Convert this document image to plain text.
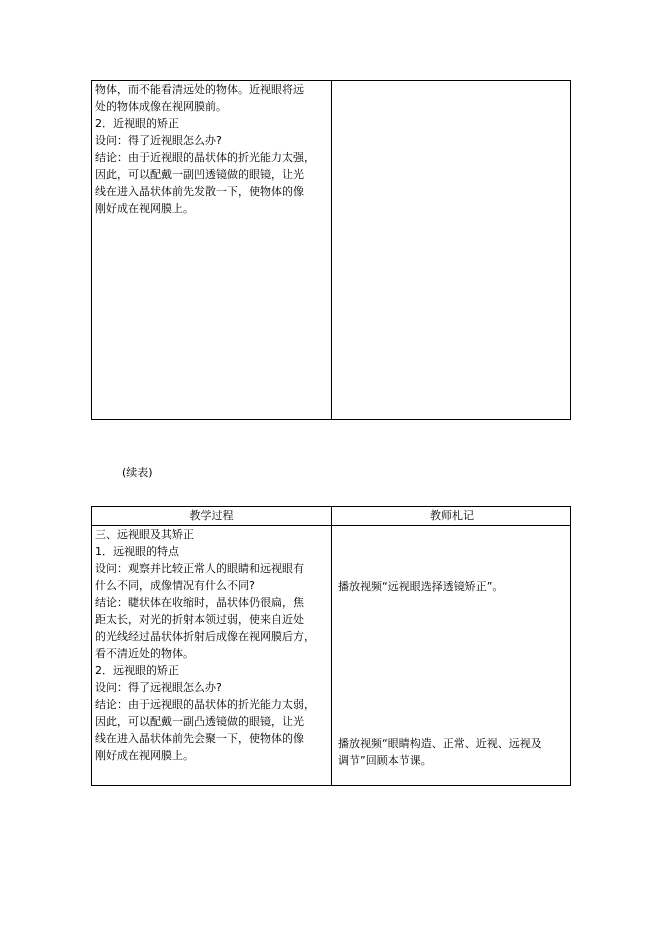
物体，而不能看清远处的物体。近视眼将远
处的物体成像在视网膜前。
2．近视眼的矫正
设问：得了近视眼怎么办?
结论：由于近视眼的晶状体的折光能力太强，
因此，可以配戴一副凹透镜做的眼镜，让光
线在进入晶状体前先发散一下，使物体的像
刚好成在视网膜上。
(续表)
教学过程	教师札记
三、远视眼及其矫正
1．远视眼的特点
设问：观察并比较正常人的眼睛和远视眼有
什么不同，成像情况有什么不同?
结论：睫状体在收缩时，晶状体仍很扁，焦
距太长，对光的折射本领过弱，使来自近处
的光线经过晶状体折射后成像在视网膜后方，
看不清近处的物体。
2．远视眼的矫正
设问：得了远视眼怎么办?
结论：由于远视眼的晶状体的折光能力太弱，
因此，可以配戴一副凸透镜做的眼镜，让光
线在进入晶状体前先会聚一下，使物体的像
刚好成在视网膜上。
播放视频“远视眼选择透镜矫正”。
播放视频“眼睛构造、正常、近视、远视及
调节”回顾本节课。
